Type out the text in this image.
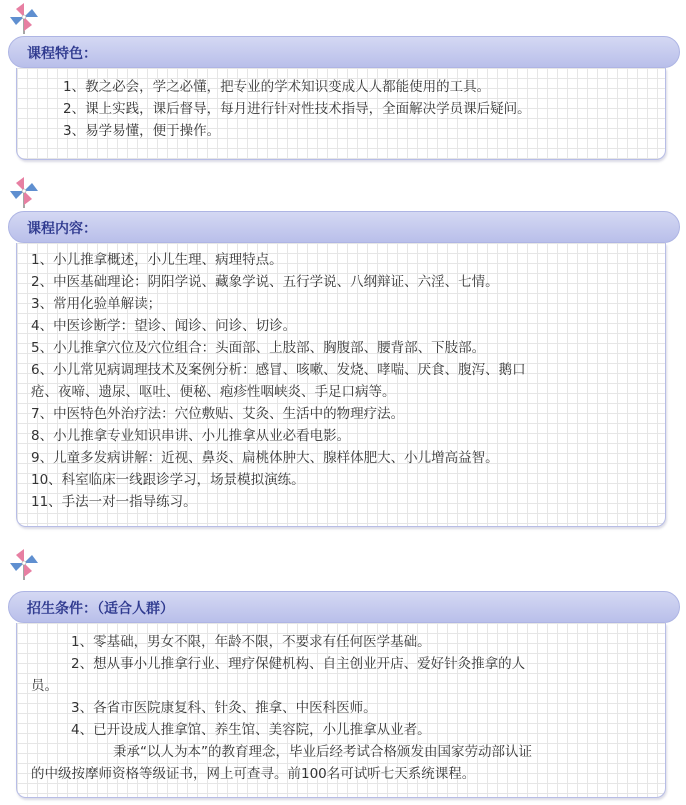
课程特色：
1、教之必会，学之必懂，把专业的学术知识变成人人都能使用的工具。
2、课上实践，课后督导，每月进行针对性技术指导，全面解决学员课后疑问。
3、易学易懂，便于操作。
课程内容：
1、小儿推拿概述，小儿生理、病理特点。
2、中医基础理论：阴阳学说、藏象学说、五行学说、八纲辩证、六淫、七情。
3、常用化验单解读；
4、中医诊断学：望诊、闻诊、问诊、切诊。
5、小儿推拿穴位及穴位组合：头面部、上肢部、胸腹部、腰背部、下肢部。
6、小儿常见病调理技术及案例分析：感冒、咳嗽、发烧、哮喘、厌食、腹泻、鹅口
疮、夜啼、遗尿、呕吐、便秘、疱疹性咽峡炎、手足口病等。
7、中医特色外治疗法：穴位敷贴、艾灸、生活中的物理疗法。
8、小儿推拿专业知识串讲、小儿推拿从业必看电影。
9、儿童多发病讲解：近视、鼻炎、扁桃体肿大、腺样体肥大、小儿增高益智。
10、科室临床一线跟诊学习，场景模拟演练。
11、手法一对一指导练习。
招生条件：（适合人群）
1、零基础，男女不限，年龄不限，不要求有任何医学基础。
2、想从事小儿推拿行业、理疗保健机构、自主创业开店、爱好针灸推拿的人
员。
3、各省市医院康复科、针灸、推拿、中医科医师。
4、已开设成人推拿馆、养生馆、美容院，小儿推拿从业者。
秉承“以人为本”的教育理念，毕业后经考试合格颁发由国家劳动部认证
的中级按摩师资格等级证书，网上可查寻。前100名可试听七天系统课程。
